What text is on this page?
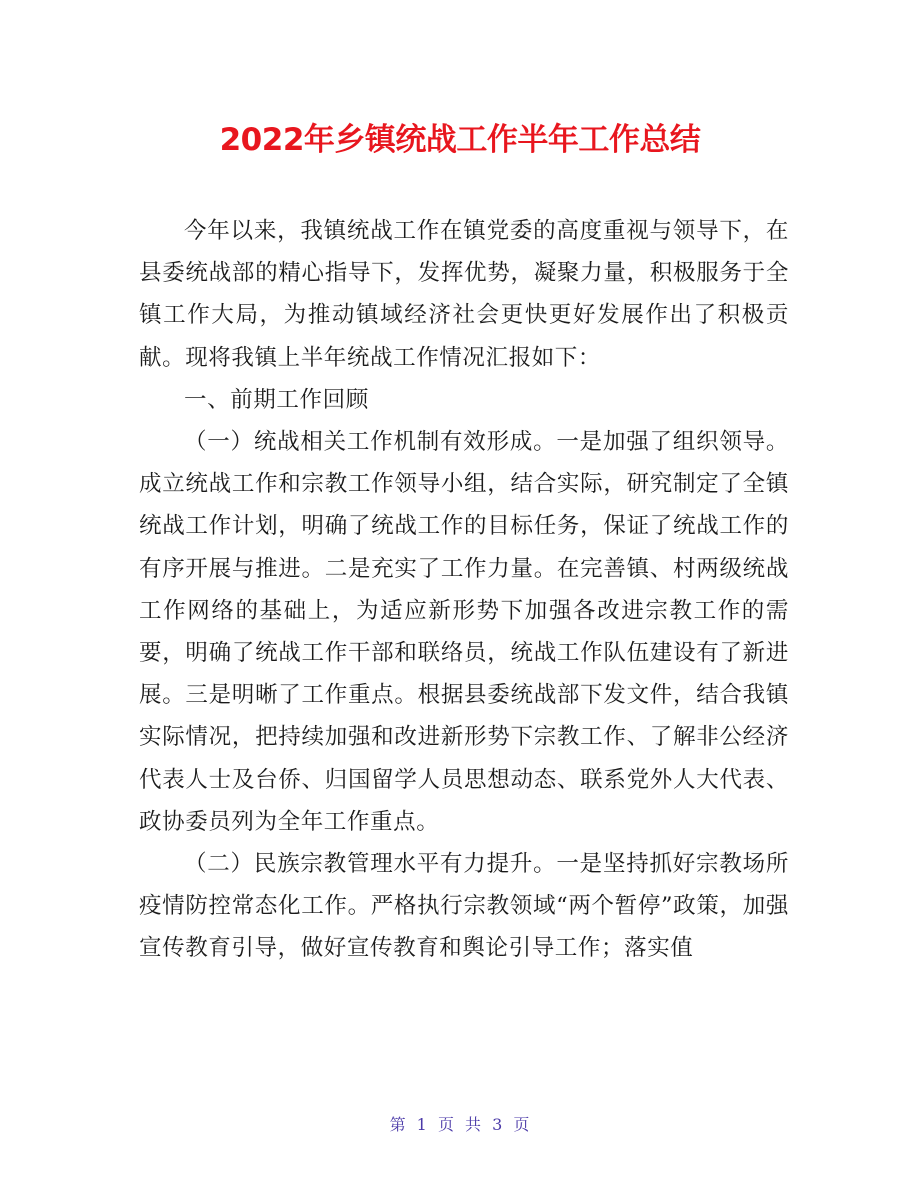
2022年乡镇统战工作半年工作总结

今年以来，我镇统战工作在镇党委的高度重视与领导下，在县委统战部的精心指导下，发挥优势，凝聚力量，积极服务于全镇工作大局，为推动镇域经济社会更快更好发展作出了积极贡献。现将我镇上半年统战工作情况汇报如下：

一、前期工作回顾

（一）统战相关工作机制有效形成。一是加强了组织领导。成立统战工作和宗教工作领导小组，结合实际，研究制定了全镇统战工作计划，明确了统战工作的目标任务，保证了统战工作的有序开展与推进。二是充实了工作力量。在完善镇、村两级统战工作网络的基础上，为适应新形势下加强各改进宗教工作的需要，明确了统战工作干部和联络员，统战工作队伍建设有了新进展。三是明晰了工作重点。根据县委统战部下发文件，结合我镇实际情况，把持续加强和改进新形势下宗教工作、了解非公经济代表人士及台侨、归国留学人员思想动态、联系党外人大代表、政协委员列为全年工作重点。

（二）民族宗教管理水平有力提升。一是坚持抓好宗教场所疫情防控常态化工作。严格执行宗教领域“两个暂停”政策，加强宣传教育引导，做好宣传教育和舆论引导工作；落实值

第 1 页 共 3 页
